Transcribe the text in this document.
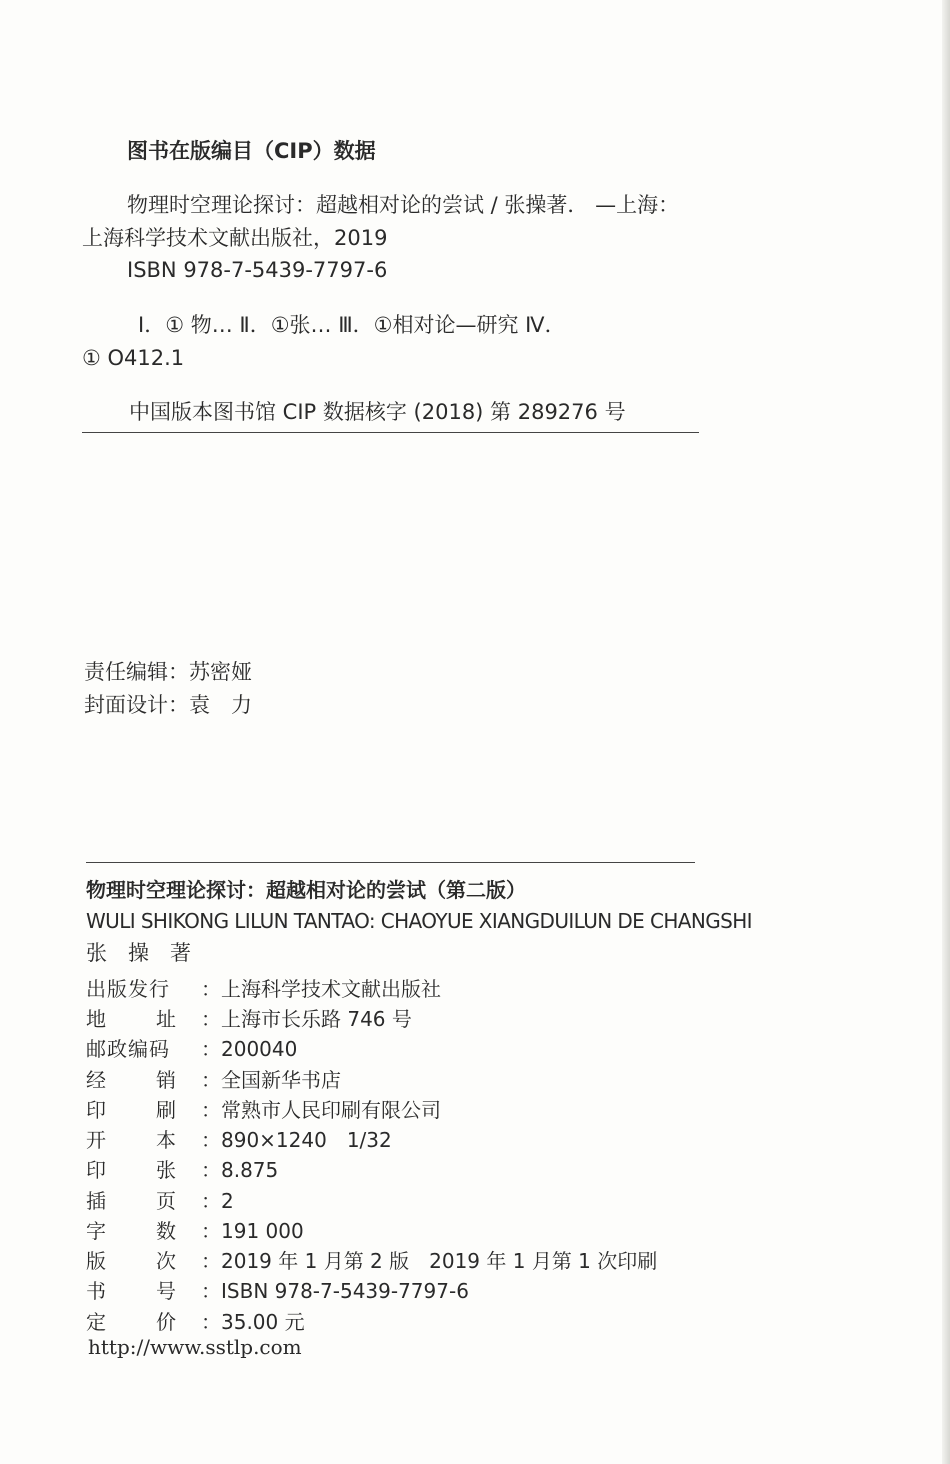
图书在版编目（CIP）数据
物理时空理论探讨：超越相对论的尝试 / 张操著． —上海：
上海科学技术文献出版社，2019
ISBN 978-7-5439-7797-6
Ⅰ．① 物… Ⅱ．①张… Ⅲ．①相对论—研究 Ⅳ．
① O412.1
中国版本图书馆 CIP 数据核字 (2018) 第 289276 号
责任编辑：苏密娅
封面设计：袁　力
物理时空理论探讨：超越相对论的尝试（第二版）
WULI SHIKONG LILUN TANTAO: CHAOYUE XIANGDUILUN DE CHANGSHI
张　操　著
出版发行 ：上海科学技术文献出版社
地	址 ：上海市长乐路 746 号
邮政编码 ：200040
经	销 ：全国新华书店
印	刷 ：常熟市人民印刷有限公司
开	本 ：890×1240　1/32
印	张 ：8.875
插	页 ：2
字	数 ：191 000
版	次 ：2019 年 1 月第 2 版　2019 年 1 月第 1 次印刷
书	号 ：ISBN 978-7-5439-7797-6
定	价 ：35.00 元
http://www.sstlp.com
